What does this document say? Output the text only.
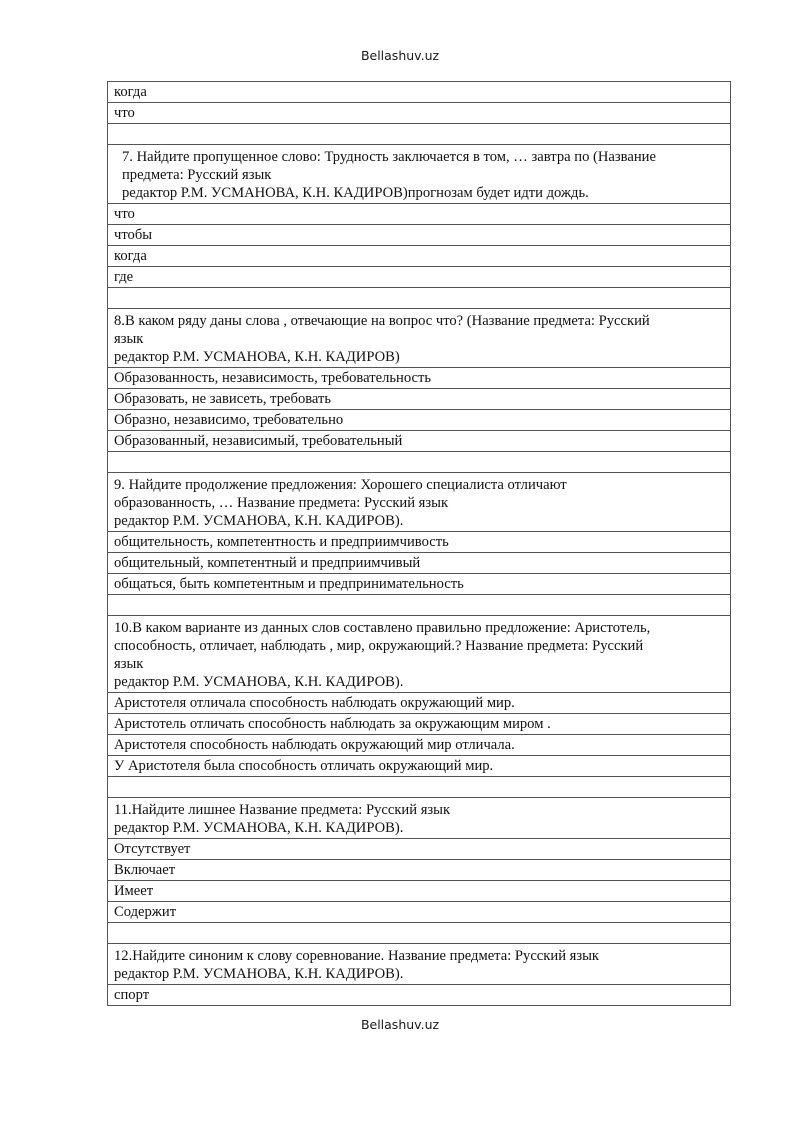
Bellashuv.uz
когда
что

7. Найдите пропущенное слово: Трудность заключается в том, … завтра по (Название
предмета: Русский язык
редактор Р.М. УСМАНОВА, К.Н. КАДИРОВ)прогнозам будет идти дождь.

что
чтобы
когда
где

8.В каком ряду даны слова , отвечающие на вопрос что? (Название предмета: Русский
язык
редактор Р.М. УСМАНОВА, К.Н. КАДИРОВ)

Образованность, независимость, требовательность
Образовать, не зависеть, требовать
Образно, независимо, требовательно
Образованный, независимый, требовательный

9. Найдите продолжение предложения: Хорошего специалиста отличают
образованность, … Название предмета: Русский язык
редактор Р.М. УСМАНОВА, К.Н. КАДИРОВ).

общительность, компетентность и предприимчивость
общительный, компетентный и предприимчивый
общаться, быть компетентным и предпринимательность

10.В каком варианте из данных слов составлено правильно предложение: Аристотель,
способность, отличает, наблюдать , мир, окружающий.? Название предмета: Русский
язык
редактор Р.М. УСМАНОВА, К.Н. КАДИРОВ).

Аристотеля отличала способность наблюдать окружающий мир.
Аристотель отличать способность наблюдать за окружающим миром .
Аристотеля способность наблюдать окружающий мир отличала.
У Аристотеля была способность отличать окружающий мир.

11.Найдите лишнее Название предмета: Русский язык
редактор Р.М. УСМАНОВА, К.Н. КАДИРОВ).

Отсутствует
Включает
Имеет
Содержит

12.Найдите синоним к слову соревнование. Название предмета: Русский язык
редактор Р.М. УСМАНОВА, К.Н. КАДИРОВ).

спорт
Bellashuv.uz
